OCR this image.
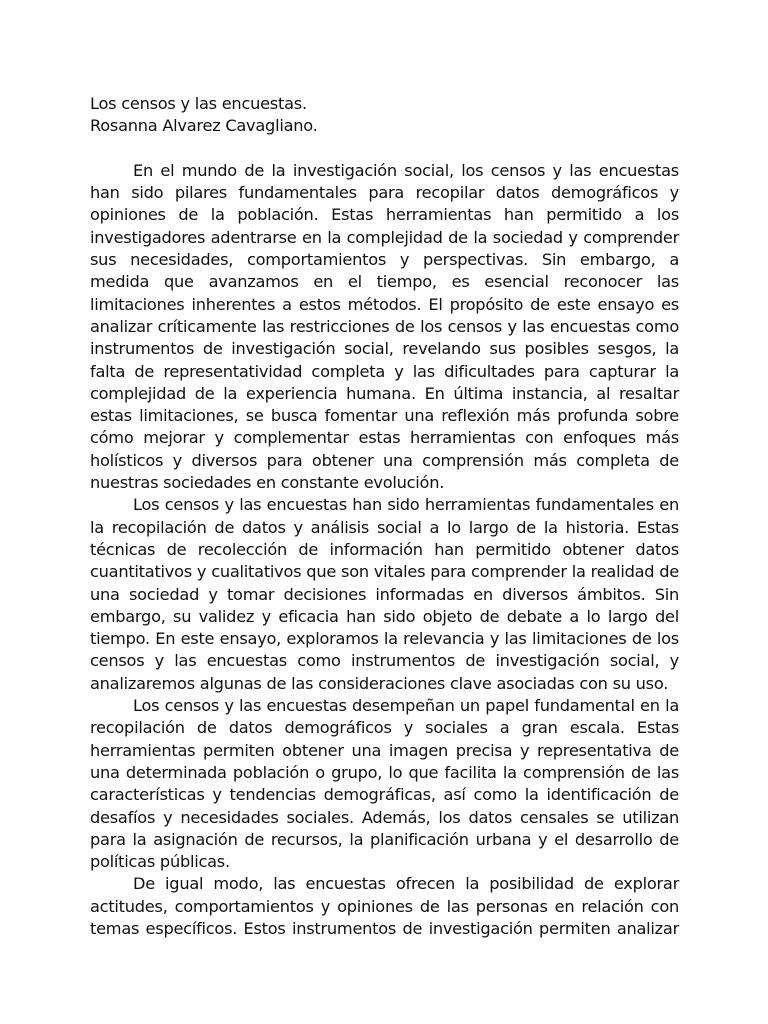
Los censos y las encuestas.

Rosanna Alvarez Cavagliano.

En el mundo de la investigación social, los censos y las encuestas han sido pilares fundamentales para recopilar datos demográficos y opiniones de la población. Estas herramientas han permitido a los investigadores adentrarse en la complejidad de la sociedad y comprender sus necesidades, comportamientos y perspectivas. Sin embargo, a medida que avanzamos en el tiempo, es esencial reconocer las limitaciones inherentes a estos métodos. El propósito de este ensayo es analizar críticamente las restricciones de los censos y las encuestas como instrumentos de investigación social, revelando sus posibles sesgos, la falta de representatividad completa y las dificultades para capturar la complejidad de la experiencia humana. En última instancia, al resaltar estas limitaciones, se busca fomentar una reflexión más profunda sobre cómo mejorar y complementar estas herramientas con enfoques más holísticos y diversos para obtener una comprensión más completa de nuestras sociedades en constante evolución.

Los censos y las encuestas han sido herramientas fundamentales en la recopilación de datos y análisis social a lo largo de la historia. Estas técnicas de recolección de información han permitido obtener datos cuantitativos y cualitativos que son vitales para comprender la realidad de una sociedad y tomar decisiones informadas en diversos ámbitos. Sin embargo, su validez y eficacia han sido objeto de debate a lo largo del tiempo. En este ensayo, exploramos la relevancia y las limitaciones de los censos y las encuestas como instrumentos de investigación social, y analizaremos algunas de las consideraciones clave asociadas con su uso.

Los censos y las encuestas desempeñan un papel fundamental en la recopilación de datos demográficos y sociales a gran escala. Estas herramientas permiten obtener una imagen precisa y representativa de una determinada población o grupo, lo que facilita la comprensión de las características y tendencias demográficas, así como la identificación de desafíos y necesidades sociales. Además, los datos censales se utilizan para la asignación de recursos, la planificación urbana y el desarrollo de políticas públicas.

De igual modo, las encuestas ofrecen la posibilidad de explorar actitudes, comportamientos y opiniones de las personas en relación con temas específicos. Estos instrumentos de investigación permiten analizar
